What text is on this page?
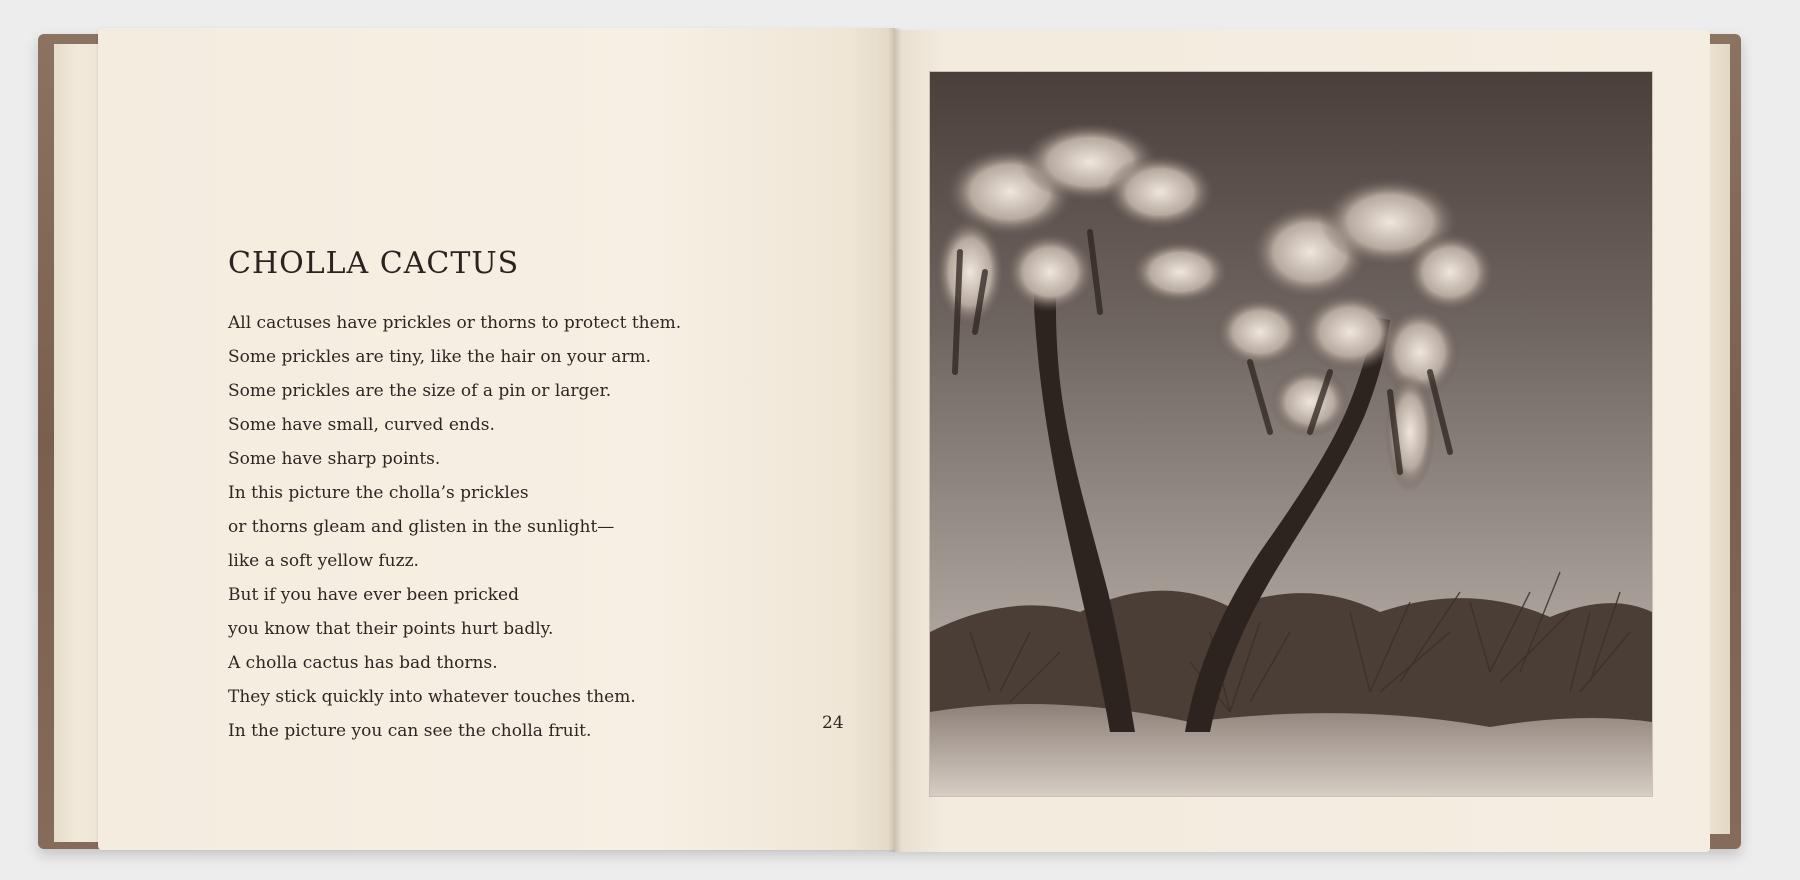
CHOLLA CACTUS
All cactuses have prickles or thorns to protect them.
Some prickles are tiny, like the hair on your arm.
Some prickles are the size of a pin or larger.
Some have small, curved ends.
Some have sharp points.
In this picture the cholla’s prickles
or thorns gleam and glisten in the sunlight—
like a soft yellow fuzz.
But if you have ever been pricked
you know that their points hurt badly.
A cholla cactus has bad thorns.
They stick quickly into whatever touches them.
In the picture you can see the cholla fruit.	24
